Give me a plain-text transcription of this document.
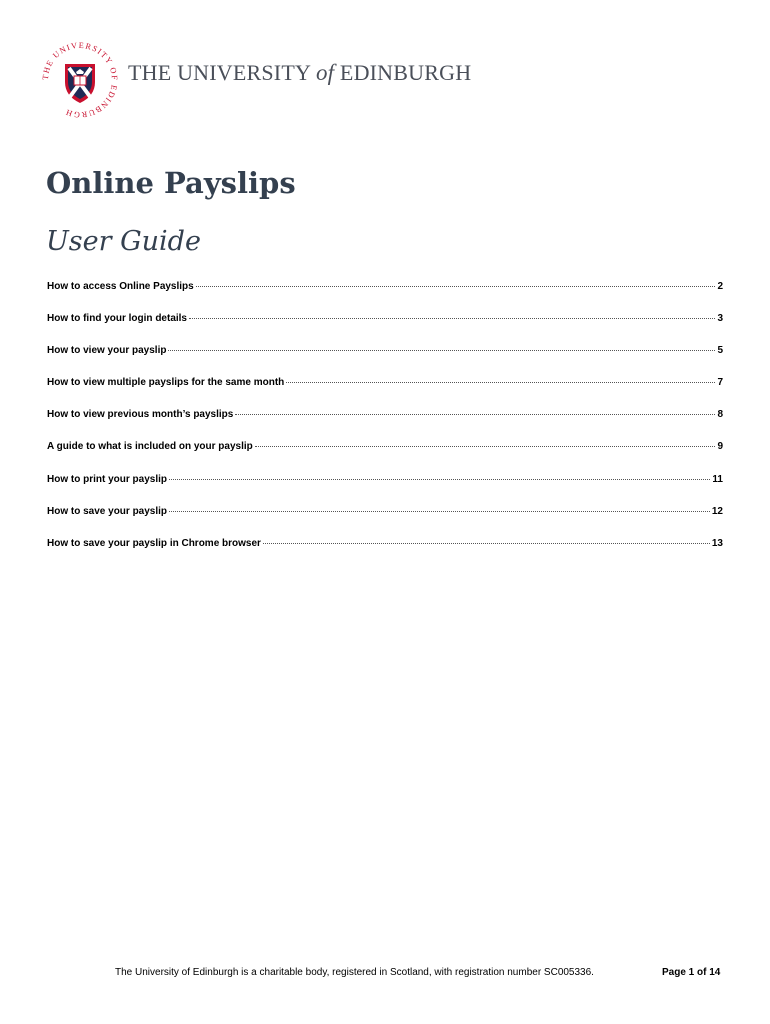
THE UNIVERSITY OF EDINBURGH
THE UNIVERSITY of EDINBURGH
Online Payslips
User Guide
How to access Online Payslips	2
How to find your login details	3
How to view your payslip	5
How to view multiple payslips for the same month	7
How to view previous month’s payslips	8
A guide to what is included on your payslip	9
How to print your payslip	11
How to save your payslip	12
How to save your payslip in Chrome browser	13
The University of Edinburgh is a charitable body, registered in Scotland, with registration number SC005336.	Page 1 of 14
